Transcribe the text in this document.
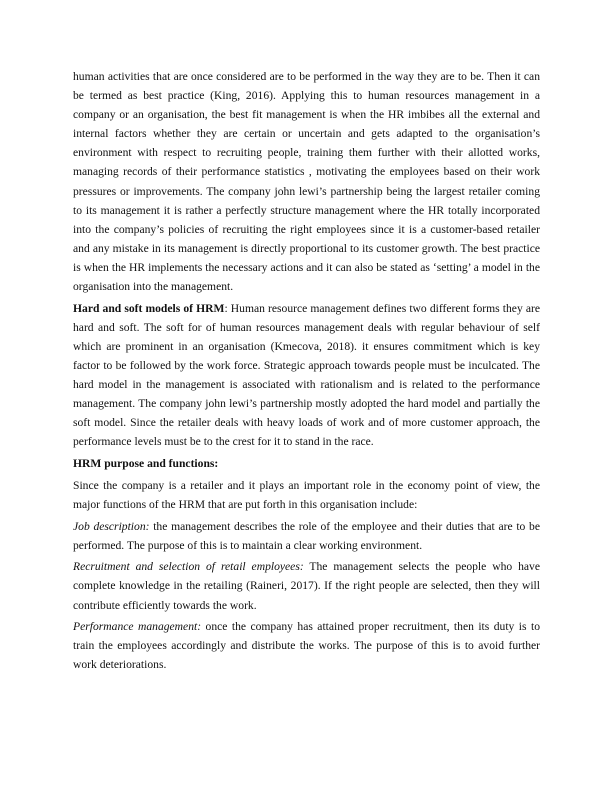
human activities that are once considered are to be performed in the way they are to be. Then it can be termed as best practice (King, 2016). Applying this to human resources management in a company or an organisation, the best fit management is when the HR imbibes all the external and internal factors whether they are certain or uncertain and gets adapted to the organisation’s environment with respect to recruiting people, training them further with their allotted works, managing records of their performance statistics , motivating the employees based on their work pressures or improvements. The company john lewi’s partnership being the largest retailer coming to its management it is rather a perfectly structure management where the HR totally incorporated into the company’s policies of recruiting the right employees since it is a customer-based retailer and any mistake in its management is directly proportional to its customer growth. The best practice is when the HR implements the necessary actions and it can also be stated as ‘setting’ a model in the organisation into the management.

Hard and soft models of HRM: Human resource management defines two different forms they are hard and soft. The soft for of human resources management deals with regular behaviour of self which are prominent in an organisation (Kmecova, 2018). it ensures commitment which is key factor to be followed by the work force. Strategic approach towards people must be inculcated. The hard model in the management is associated with rationalism and is related to the performance management. The company john lewi’s partnership mostly adopted the hard model and partially the soft model. Since the retailer deals with heavy loads of work and of more customer approach, the performance levels must be to the crest for it to stand in the race.

HRM purpose and functions:

Since the company is a retailer and it plays an important role in the economy point of view, the major functions of the HRM that are put forth in this organisation include:

Job description: the management describes the role of the employee and their duties that are to be performed. The purpose of this is to maintain a clear working environment.

Recruitment and selection of retail employees: The management selects the people who have complete knowledge in the retailing (Raineri, 2017). If the right people are selected, then they will contribute efficiently towards the work.

Performance management: once the company has attained proper recruitment, then its duty is to train the employees accordingly and distribute the works. The purpose of this is to avoid further work deteriorations.
